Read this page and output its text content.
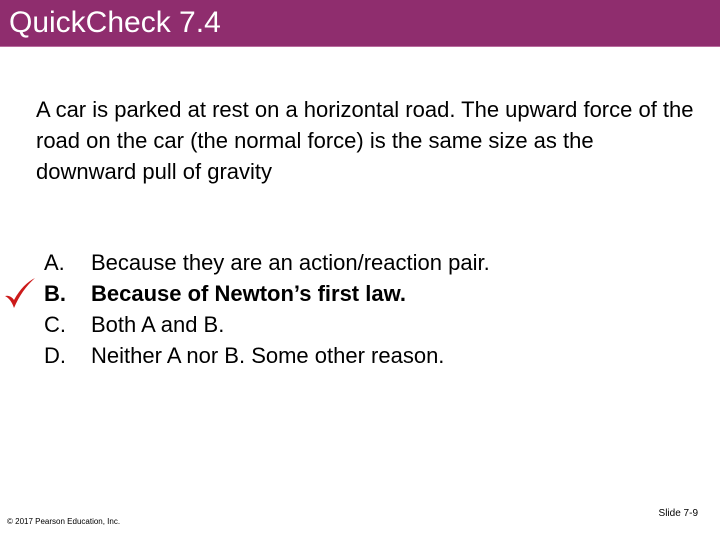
QuickCheck 7.4

A car is parked at rest on a horizontal road. The upward force of the road on the car (the normal force) is the same size as the downward pull of gravity

A. Because they are an action/reaction pair.
B. Because of Newton’s first law.
C. Both A and B.
D. Neither A nor B. Some other reason.
© 2017 Pearson Education, Inc.
Slide 7-9
